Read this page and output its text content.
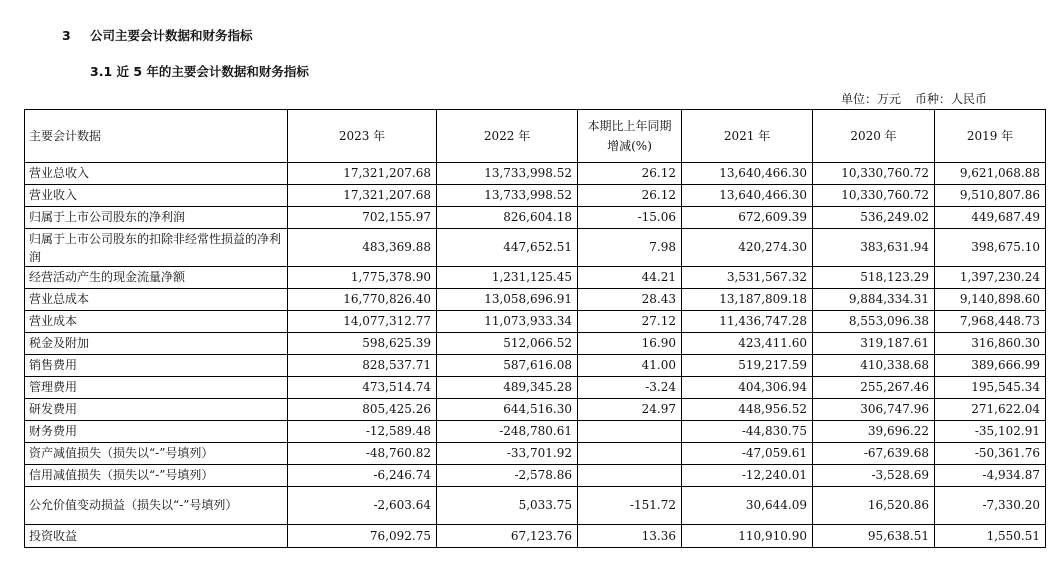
3 公司主要会计数据和财务指标
3.1 近 5 年的主要会计数据和财务指标
单位：万元 币种：人民币
主要会计数据	2023 年	2022 年	本期比上年同期增减(%)	2021 年	2020 年	2019 年
营业总收入	17,321,207.68	13,733,998.52	26.12	13,640,466.30	10,330,760.72	9,621,068.88
营业收入	17,321,207.68	13,733,998.52	26.12	13,640,466.30	10,330,760.72	9,510,807.86
归属于上市公司股东的净利润	702,155.97	826,604.18	-15.06	672,609.39	536,249.02	449,687.49
归属于上市公司股东的扣除非经常性损益的净利润	483,369.88	447,652.51	7.98	420,274.30	383,631.94	398,675.10
经营活动产生的现金流量净额	1,775,378.90	1,231,125.45	44.21	3,531,567.32	518,123.29	1,397,230.24
营业总成本	16,770,826.40	13,058,696.91	28.43	13,187,809.18	9,884,334.31	9,140,898.60
营业成本	14,077,312.77	11,073,933.34	27.12	11,436,747.28	8,553,096.38	7,968,448.73
税金及附加	598,625.39	512,066.52	16.90	423,411.60	319,187.61	316,860.30
销售费用	828,537.71	587,616.08	41.00	519,217.59	410,338.68	389,666.99
管理费用	473,514.74	489,345.28	-3.24	404,306.94	255,267.46	195,545.34
研发费用	805,425.26	644,516.30	24.97	448,956.52	306,747.96	271,622.04
财务费用	-12,589.48	-248,780.61		-44,830.75	39,696.22	-35,102.91
资产减值损失（损失以“-”号填列）	-48,760.82	-33,701.92		-47,059.61	-67,639.68	-50,361.76
信用减值损失（损失以“-”号填列）	-6,246.74	-2,578.86		-12,240.01	-3,528.69	-4,934.87
公允价值变动损益（损失以“-”号填列）	-2,603.64	5,033.75	-151.72	30,644.09	16,520.86	-7,330.20
投资收益	76,092.75	67,123.76	13.36	110,910.90	95,638.51	1,550.51
